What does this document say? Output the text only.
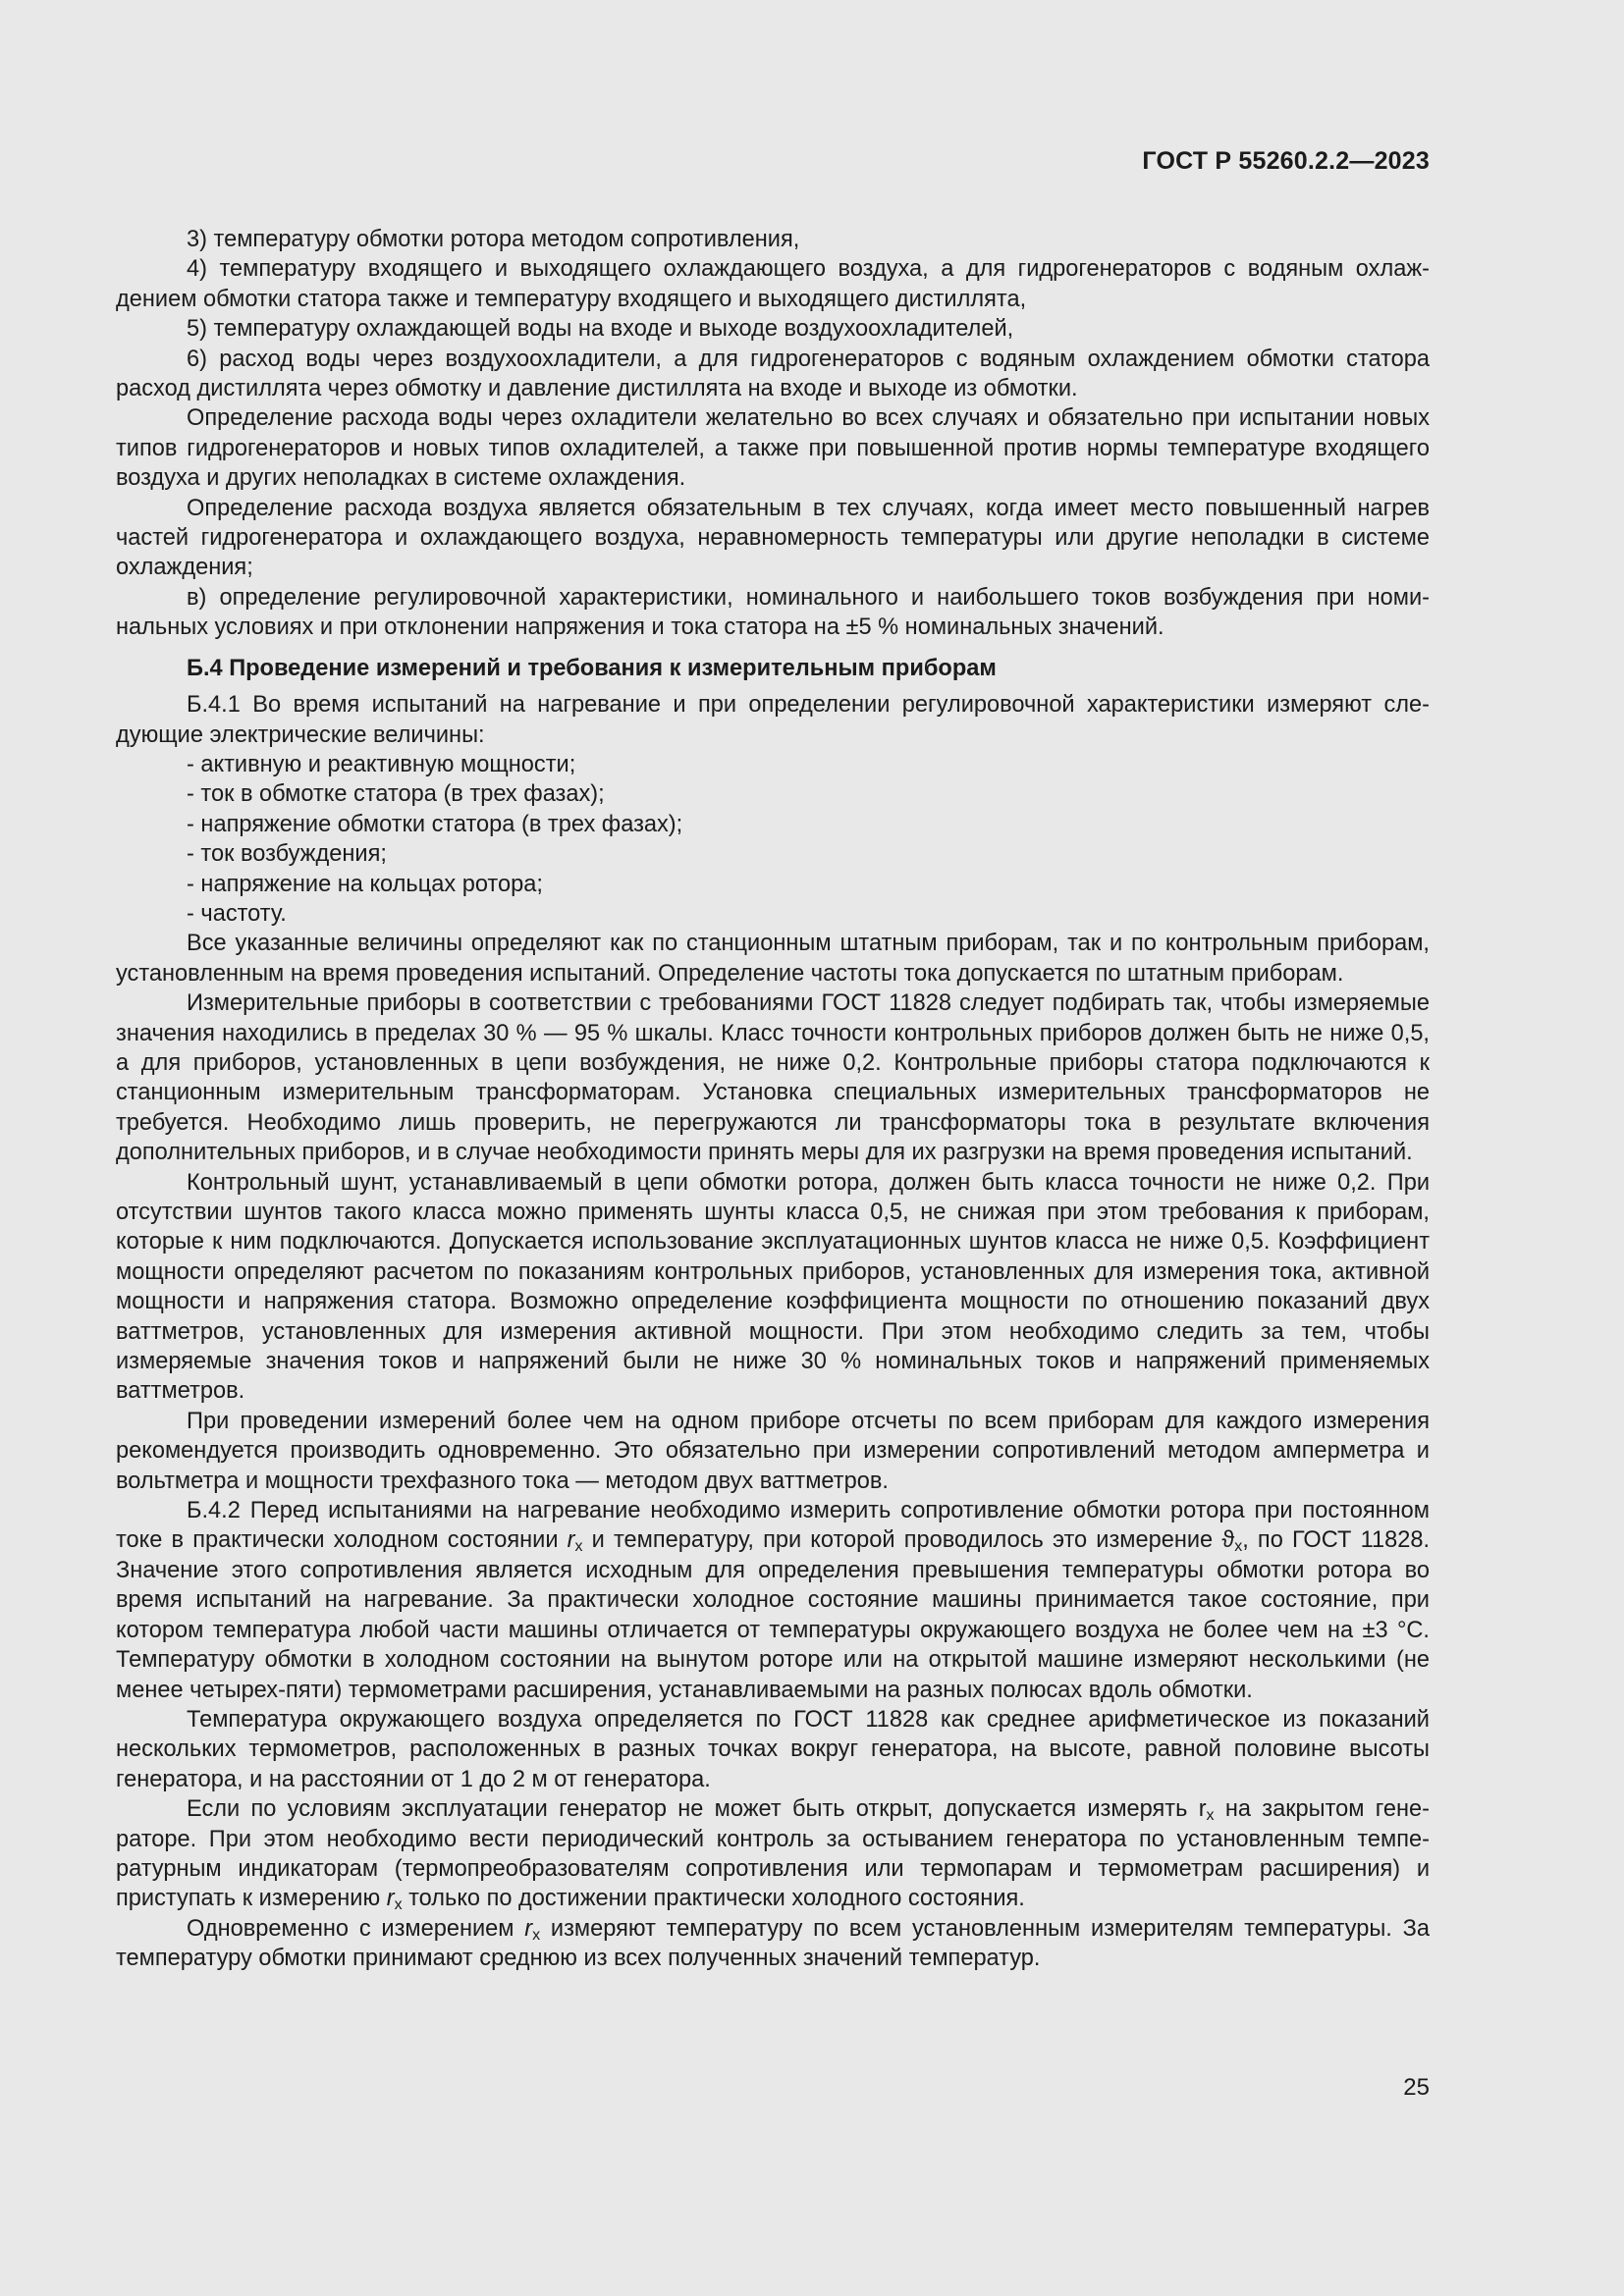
ГОСТ Р 55260.2.2—2023

3) температуру обмотки ротора методом сопротивления,

4) температуру входящего и выходящего охлаждающего воздуха, а для гидрогенераторов с водяным охлаждением обмотки статора также и температуру входящего и выходящего дистиллята,

5) температуру охлаждающей воды на входе и выходе воздухоохладителей,

6) расход воды через воздухоохладители, а для гидрогенераторов с водяным охлаждением обмотки статора расход дистиллята через обмотку и давление дистиллята на входе и выходе из обмотки.

Определение расхода воды через охладители желательно во всех случаях и обязательно при испытании новых типов гидрогенераторов и новых типов охладителей, а также при повышенной против нормы температуре входящего воздуха и других неполадках в системе охлаждения.

Определение расхода воздуха является обязательным в тех случаях, когда имеет место повышенный нагрев частей гидрогенератора и охлаждающего воздуха, неравномерность температуры или другие неполадки в системе охлаждения;

в) определение регулировочной характеристики, номинального и наибольшего токов возбуждения при номинальных условиях и при отклонении напряжения и тока статора на ±5 % номинальных значений.

Б.4 Проведение измерений и требования к измерительным приборам

Б.4.1 Во время испытаний на нагревание и при определении регулировочной характеристики измеряют следующие электрические величины:

- активную и реактивную мощности;

- ток в обмотке статора (в трех фазах);

- напряжение обмотки статора (в трех фазах);

- ток возбуждения;

- напряжение на кольцах ротора;

- частоту.

Все указанные величины определяют как по станционным штатным приборам, так и по контрольным приборам, установленным на время проведения испытаний. Определение частоты тока допускается по штатным приборам.

Измерительные приборы в соответствии с требованиями ГОСТ 11828 следует подбирать так, чтобы измеряемые значения находились в пределах 30 % — 95 % шкалы. Класс точности контрольных приборов должен быть не ниже 0,5, а для приборов, установленных в цепи возбуждения, не ниже 0,2. Контрольные приборы статора подключаются к станционным измерительным трансформаторам. Установка специальных измерительных трансформаторов не требуется. Необходимо лишь проверить, не перегружаются ли трансформаторы тока в результате включения дополнительных приборов, и в случае необходимости принять меры для их разгрузки на время проведения испытаний.

Контрольный шунт, устанавливаемый в цепи обмотки ротора, должен быть класса точности не ниже 0,2. При отсутствии шунтов такого класса можно применять шунты класса 0,5, не снижая при этом требования к приборам, которые к ним подключаются. Допускается использование эксплуатационных шунтов класса не ниже 0,5. Коэффициент мощности определяют расчетом по показаниям контрольных приборов, установленных для измерения тока, активной мощности и напряжения статора. Возможно определение коэффициента мощности по отношению показаний двух ваттметров, установленных для измерения активной мощности. При этом необходимо следить за тем, чтобы измеряемые значения токов и напряжений были не ниже 30 % номинальных токов и напряжений применяемых ваттметров.

При проведении измерений более чем на одном приборе отсчеты по всем приборам для каждого измерения рекомендуется производить одновременно. Это обязательно при измерении сопротивлений методом амперметра и вольтметра и мощности трехфазного тока — методом двух ваттметров.

Б.4.2 Перед испытаниями на нагревание необходимо измерить сопротивление обмотки ротора при постоянном токе в практически холодном состоянии $r_x$ и температуру, при которой проводилось это измерение $ϑ_x$, по ГОСТ 11828. Значение этого сопротивления является исходным для определения превышения температуры обмотки ротора во время испытаний на нагревание. За практически холодное состояние машины принимается такое состояние, при котором температура любой части машины отличается от температуры окружающего воздуха не более чем на ±3 °С. Температуру обмотки в холодном состоянии на вынутом роторе или на открытой машине измеряют несколькими (не менее четырех-пяти) термометрами расширения, устанавливаемыми на разных полюсах вдоль обмотки.

Температура окружающего воздуха определяется по ГОСТ 11828 как среднее арифметическое из показаний нескольких термометров, расположенных в разных точках вокруг генератора, на высоте, равной половине высоты генератора, и на расстоянии от 1 до 2 м от генератора.

Если по условиям эксплуатации генератор не может быть открыт, допускается измерять $r_x$ на закрытом генераторе. При этом необходимо вести периодический контроль за остыванием генератора по установленным температурным индикаторам (термопреобразователям сопротивления или термопарам и термометрам расширения) и приступать к измерению $r_x$ только по достижении практически холодного состояния.

Одновременно с измерением $r_x$ измеряют температуру по всем установленным измерителям температуры. За температуру обмотки принимают среднюю из всех полученных значений температур.

25
